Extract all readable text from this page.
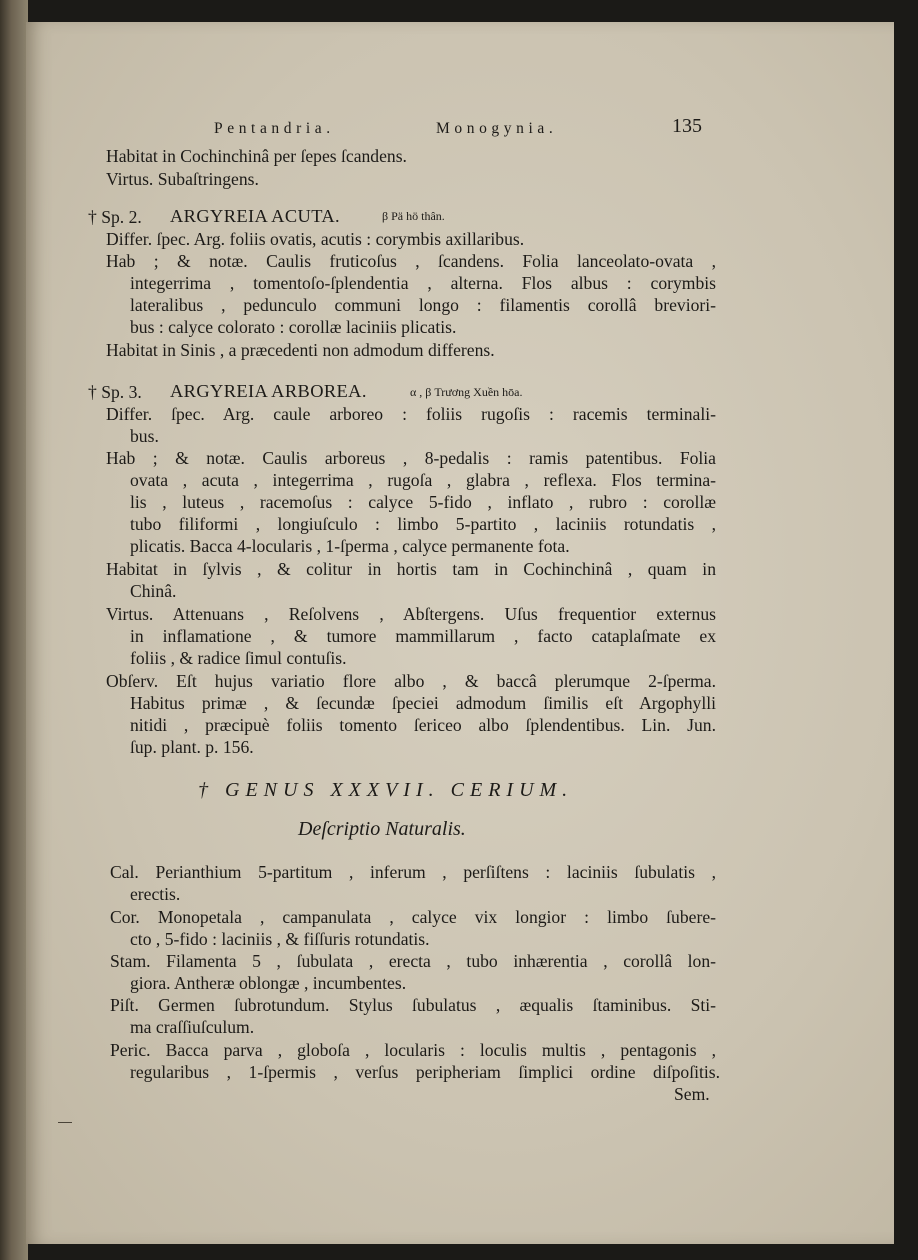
Pentandria.	Monogynia.	135
Habitat in Cochinchinâ per ſepes ſcandens.
Virtus. Subaſtringens.
† Sp. 2. ARGYREIA ACUTA.	β Pä hö thân.
Differ. ſpec. Arg. foliis ovatis, acutis : corymbis axillaribus.
Hab ; & notæ. Caulis fruticoſus , ſcandens. Folia lanceolato-ovata ,
integerrima , tomentoſo-ſplendentia , alterna. Flos albus : corymbis
lateralibus , pedunculo communi longo : filamentis corollâ breviori-
bus : calyce colorato : corollæ laciniis plicatis.
Habitat in Sinis , a præcedenti non admodum differens.
† Sp. 3. ARGYREIA ARBOREA.	α , β Trương Xuền hōa.
Differ. ſpec. Arg. caule arboreo : foliis rugoſis : racemis terminali-
bus.
Hab ; & notæ. Caulis arboreus , 8-pedalis : ramis patentibus. Folia
ovata , acuta , integerrima , rugoſa , glabra , reflexa. Flos termina-
lis , luteus , racemoſus : calyce 5-fido , inflato , rubro : corollæ
tubo filiformi , longiuſculo : limbo 5-partito , laciniis rotundatis ,
plicatis. Bacca 4-locularis , 1-ſperma , calyce permanente fota.
Habitat in ſylvis , & colitur in hortis tam in Cochinchinâ , quam in
Chinâ.
Virtus. Attenuans , Reſolvens , Abſtergens. Uſus frequentior externus
in inflamatione , & tumore mammillarum , facto cataplaſmate ex
foliis , & radice ſimul contuſis.
Obſerv. Eſt hujus variatio flore albo , & baccâ plerumque 2-ſperma.
Habitus primæ , & ſecundæ ſpeciei admodum ſimilis eſt Argophylli
nitidi , præcipuè foliis tomento ſericeo albo ſplendentibus. Lin. Jun.
ſup. plant. p. 156.
† GENUS XXXVII. CERIUM.
Deſcriptio Naturalis.
Cal. Perianthium 5-partitum , inferum , perſiſtens : laciniis ſubulatis ,
erectis.
Cor. Monopetala , campanulata , calyce vix longior : limbo ſubere-
cto , 5-fido : laciniis , & fiſſuris rotundatis.
Stam. Filamenta 5 , ſubulata , erecta , tubo inhærentia , corollâ lon-
giora. Antheræ oblongæ , incumbentes.
Piſt. Germen ſubrotundum. Stylus ſubulatus , æqualis ſtaminibus. Sti-
ma craſſiuſculum.
Peric. Bacca parva , globoſa , locularis : loculis multis , pentagonis ,
regularibus , 1-ſpermis , verſus peripheriam ſimplici ordine diſpoſitis.
Sem.
